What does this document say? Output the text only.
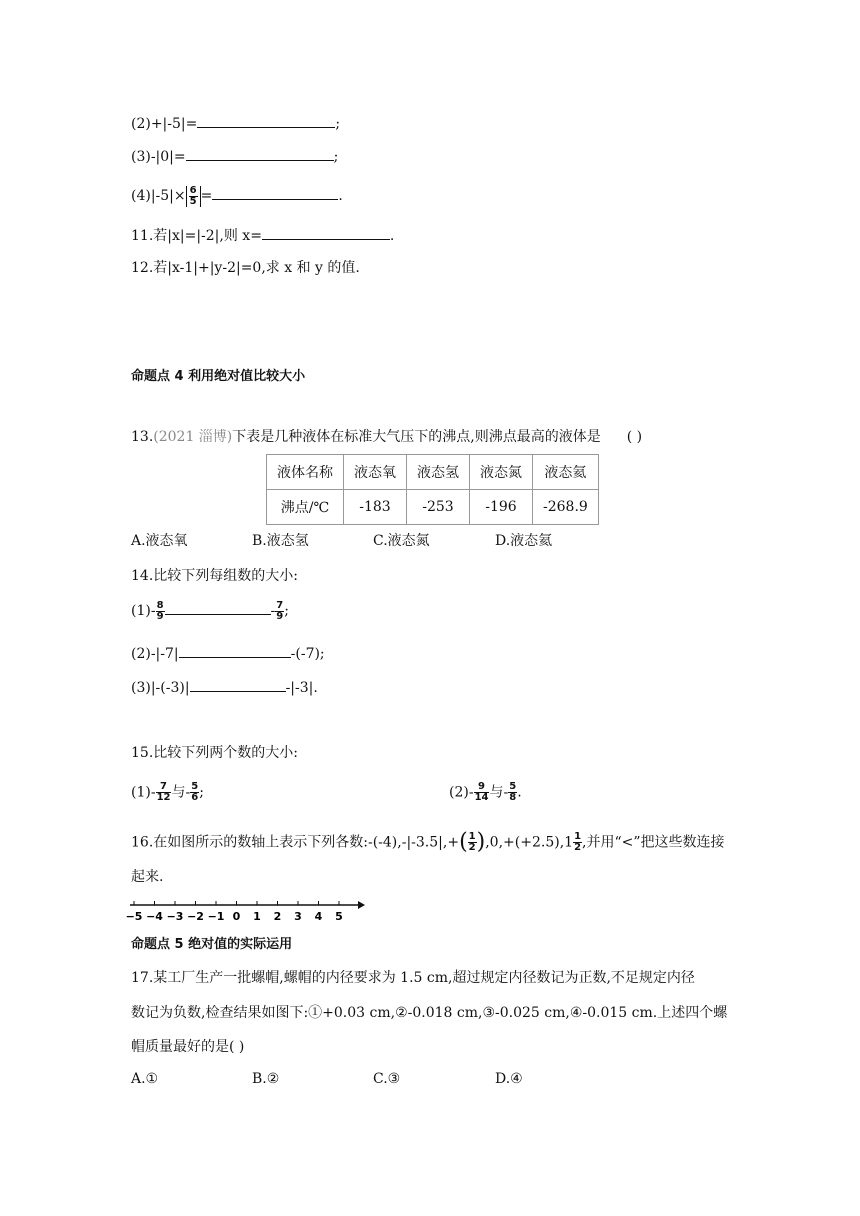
(2)+|-5|=	;
(3)-|0|=	;
$(4)|-5|\times \frac{6}{5}$ =	.
11.若|x|=|-2|,则 x=	.
12.若|x-1|+|y-2|=0,求 x 和 y 的值.
命题点 4 利用绝对值比较大小
13.(2021 淄博)下表是几种液体在标准大气压下的沸点,则沸点最高的液体是 ( )
液体名称	液态氧	液态氢	液态氮	液态氦
沸点/℃	-183	-253	-196	-268.9
A.液态氧	B.液态氢	C.液态氮	D.液态氦
14.比较下列每组数的大小:
$(1)- \frac{8}{9}$	- $\frac{7}{9}$ ;
(2)-|-7|	-(-7);
(3)|-(-3)|	-|-3|.
15.比较下列两个数的大小:
$(1)- \frac{7}{12}$ 与- $\frac{5}{6}$ ;	$(2)- \frac{9}{14}$ 与- $\frac{5}{8}$ .
16.在如图所示的数轴上表示下列各数:-(-4),-|-3.5|,+( $\frac{1}{2} ),0,+(+2.5),1 \frac{1}{2}$ ,并用“<”把这些数连接
起来.
−5 −4 −3 −2 −1 0 1 2 3 4 5
命题点 5 绝对值的实际运用
17.某工厂生产一批螺帽,螺帽的内径要求为 1.5 cm,超过规定内径数记为正数,不足规定内径
数记为负数,检查结果如图下:①+0.03 cm,②-0.018 cm,③-0.025 cm,④-0.015 cm.上述四个螺
帽质量最好的是( )
A.①	B.②	C.③	D.④
